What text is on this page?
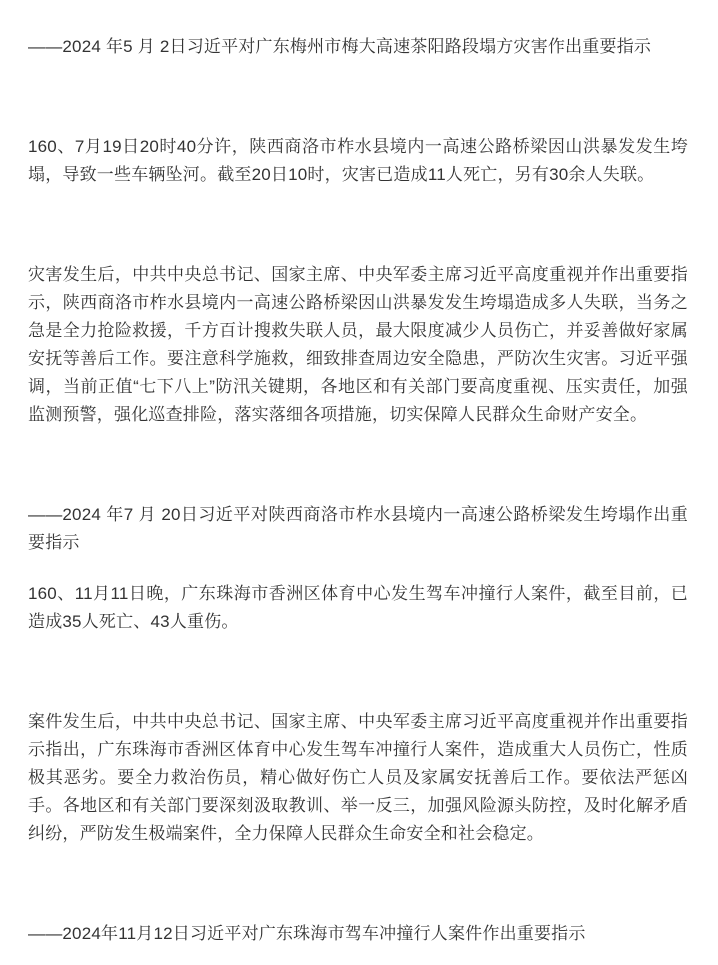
——2024 年5 月 2日习近平对广东梅州市梅大高速茶阳路段塌方灾害作出重要指示

160、7月19日20时40分许，陕西商洛市柞水县境内一高速公路桥梁因山洪暴发发生垮塌，导致一些车辆坠河。截至20日10时，灾害已造成11人死亡，另有30余人失联。

灾害发生后，中共中央总书记、国家主席、中央军委主席习近平高度重视并作出重要指示，陕西商洛市柞水县境内一高速公路桥梁因山洪暴发发生垮塌造成多人失联，当务之急是全力抢险救援，千方百计搜救失联人员，最大限度减少人员伤亡，并妥善做好家属安抚等善后工作。要注意科学施救，细致排查周边安全隐患，严防次生灾害。习近平强调，当前正值“七下八上”防汛关键期，各地区和有关部门要高度重视、压实责任，加强监测预警，强化巡查排险，落实落细各项措施，切实保障人民群众生命财产安全。

——2024 年7 月 20日习近平对陕西商洛市柞水县境内一高速公路桥梁发生垮塌作出重要指示

160、11月11日晚，广东珠海市香洲区体育中心发生驾车冲撞行人案件，截至目前，已造成35人死亡、43人重伤。

案件发生后，中共中央总书记、国家主席、中央军委主席习近平高度重视并作出重要指示指出，广东珠海市香洲区体育中心发生驾车冲撞行人案件，造成重大人员伤亡，性质极其恶劣。要全力救治伤员，精心做好伤亡人员及家属安抚善后工作。要依法严惩凶手。各地区和有关部门要深刻汲取教训、举一反三，加强风险源头防控，及时化解矛盾纠纷，严防发生极端案件，全力保障人民群众生命安全和社会稳定。

——2024年11月12日习近平对广东珠海市驾车冲撞行人案件作出重要指示
